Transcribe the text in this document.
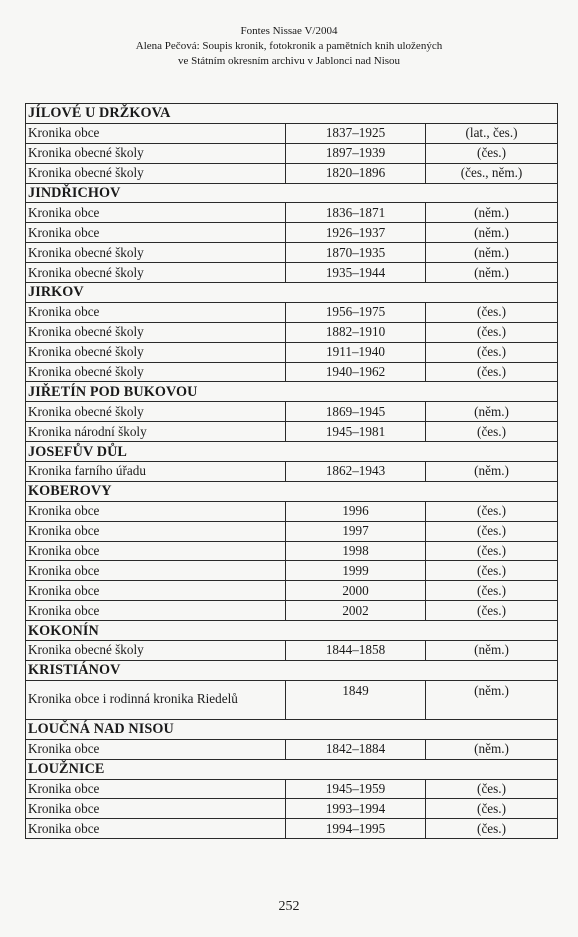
Fontes Nissae V/2004
Alena Pečová: Soupis kronik, fotokronik a pamětních knih uložených
ve Státním okresním archivu v Jablonci nad Nisou
JÍLOVÉ U DRŽKOVA		
Kronika obce	1837–1925	(lat., čes.)
Kronika obecné školy	1897–1939	(čes.)
Kronika obecné školy	1820–1896	(čes., něm.)
JINDŘICHOV		
Kronika obce	1836–1871	(něm.)
Kronika obce	1926–1937	(něm.)
Kronika obecné školy	1870–1935	(něm.)
Kronika obecné školy	1935–1944	(něm.)
JIRKOV		
Kronika obce	1956–1975	(čes.)
Kronika obecné školy	1882–1910	(čes.)
Kronika obecné školy	1911–1940	(čes.)
Kronika obecné školy	1940–1962	(čes.)
JIŘETÍN POD BUKOVOU		
Kronika obecné školy	1869–1945	(něm.)
Kronika národní školy	1945–1981	(čes.)
JOSEFŮV DŮL		
Kronika farního úřadu	1862–1943	(něm.)
KOBEROVY		
Kronika obce	1996	(čes.)
Kronika obce	1997	(čes.)
Kronika obce	1998	(čes.)
Kronika obce	1999	(čes.)
Kronika obce	2000	(čes.)
Kronika obce	2002	(čes.)
KOKONÍN		
Kronika obecné školy	1844–1858	(něm.)
KRISTIÁNOV		
Kronika obce i rodinná kronika Riedelů	1849	(něm.)
LOUČNÁ NAD NISOU		
Kronika obce	1842–1884	(něm.)
LOUŽNICE		
Kronika obce	1945–1959	(čes.)
Kronika obce	1993–1994	(čes.)
Kronika obce	1994–1995	(čes.)
252
